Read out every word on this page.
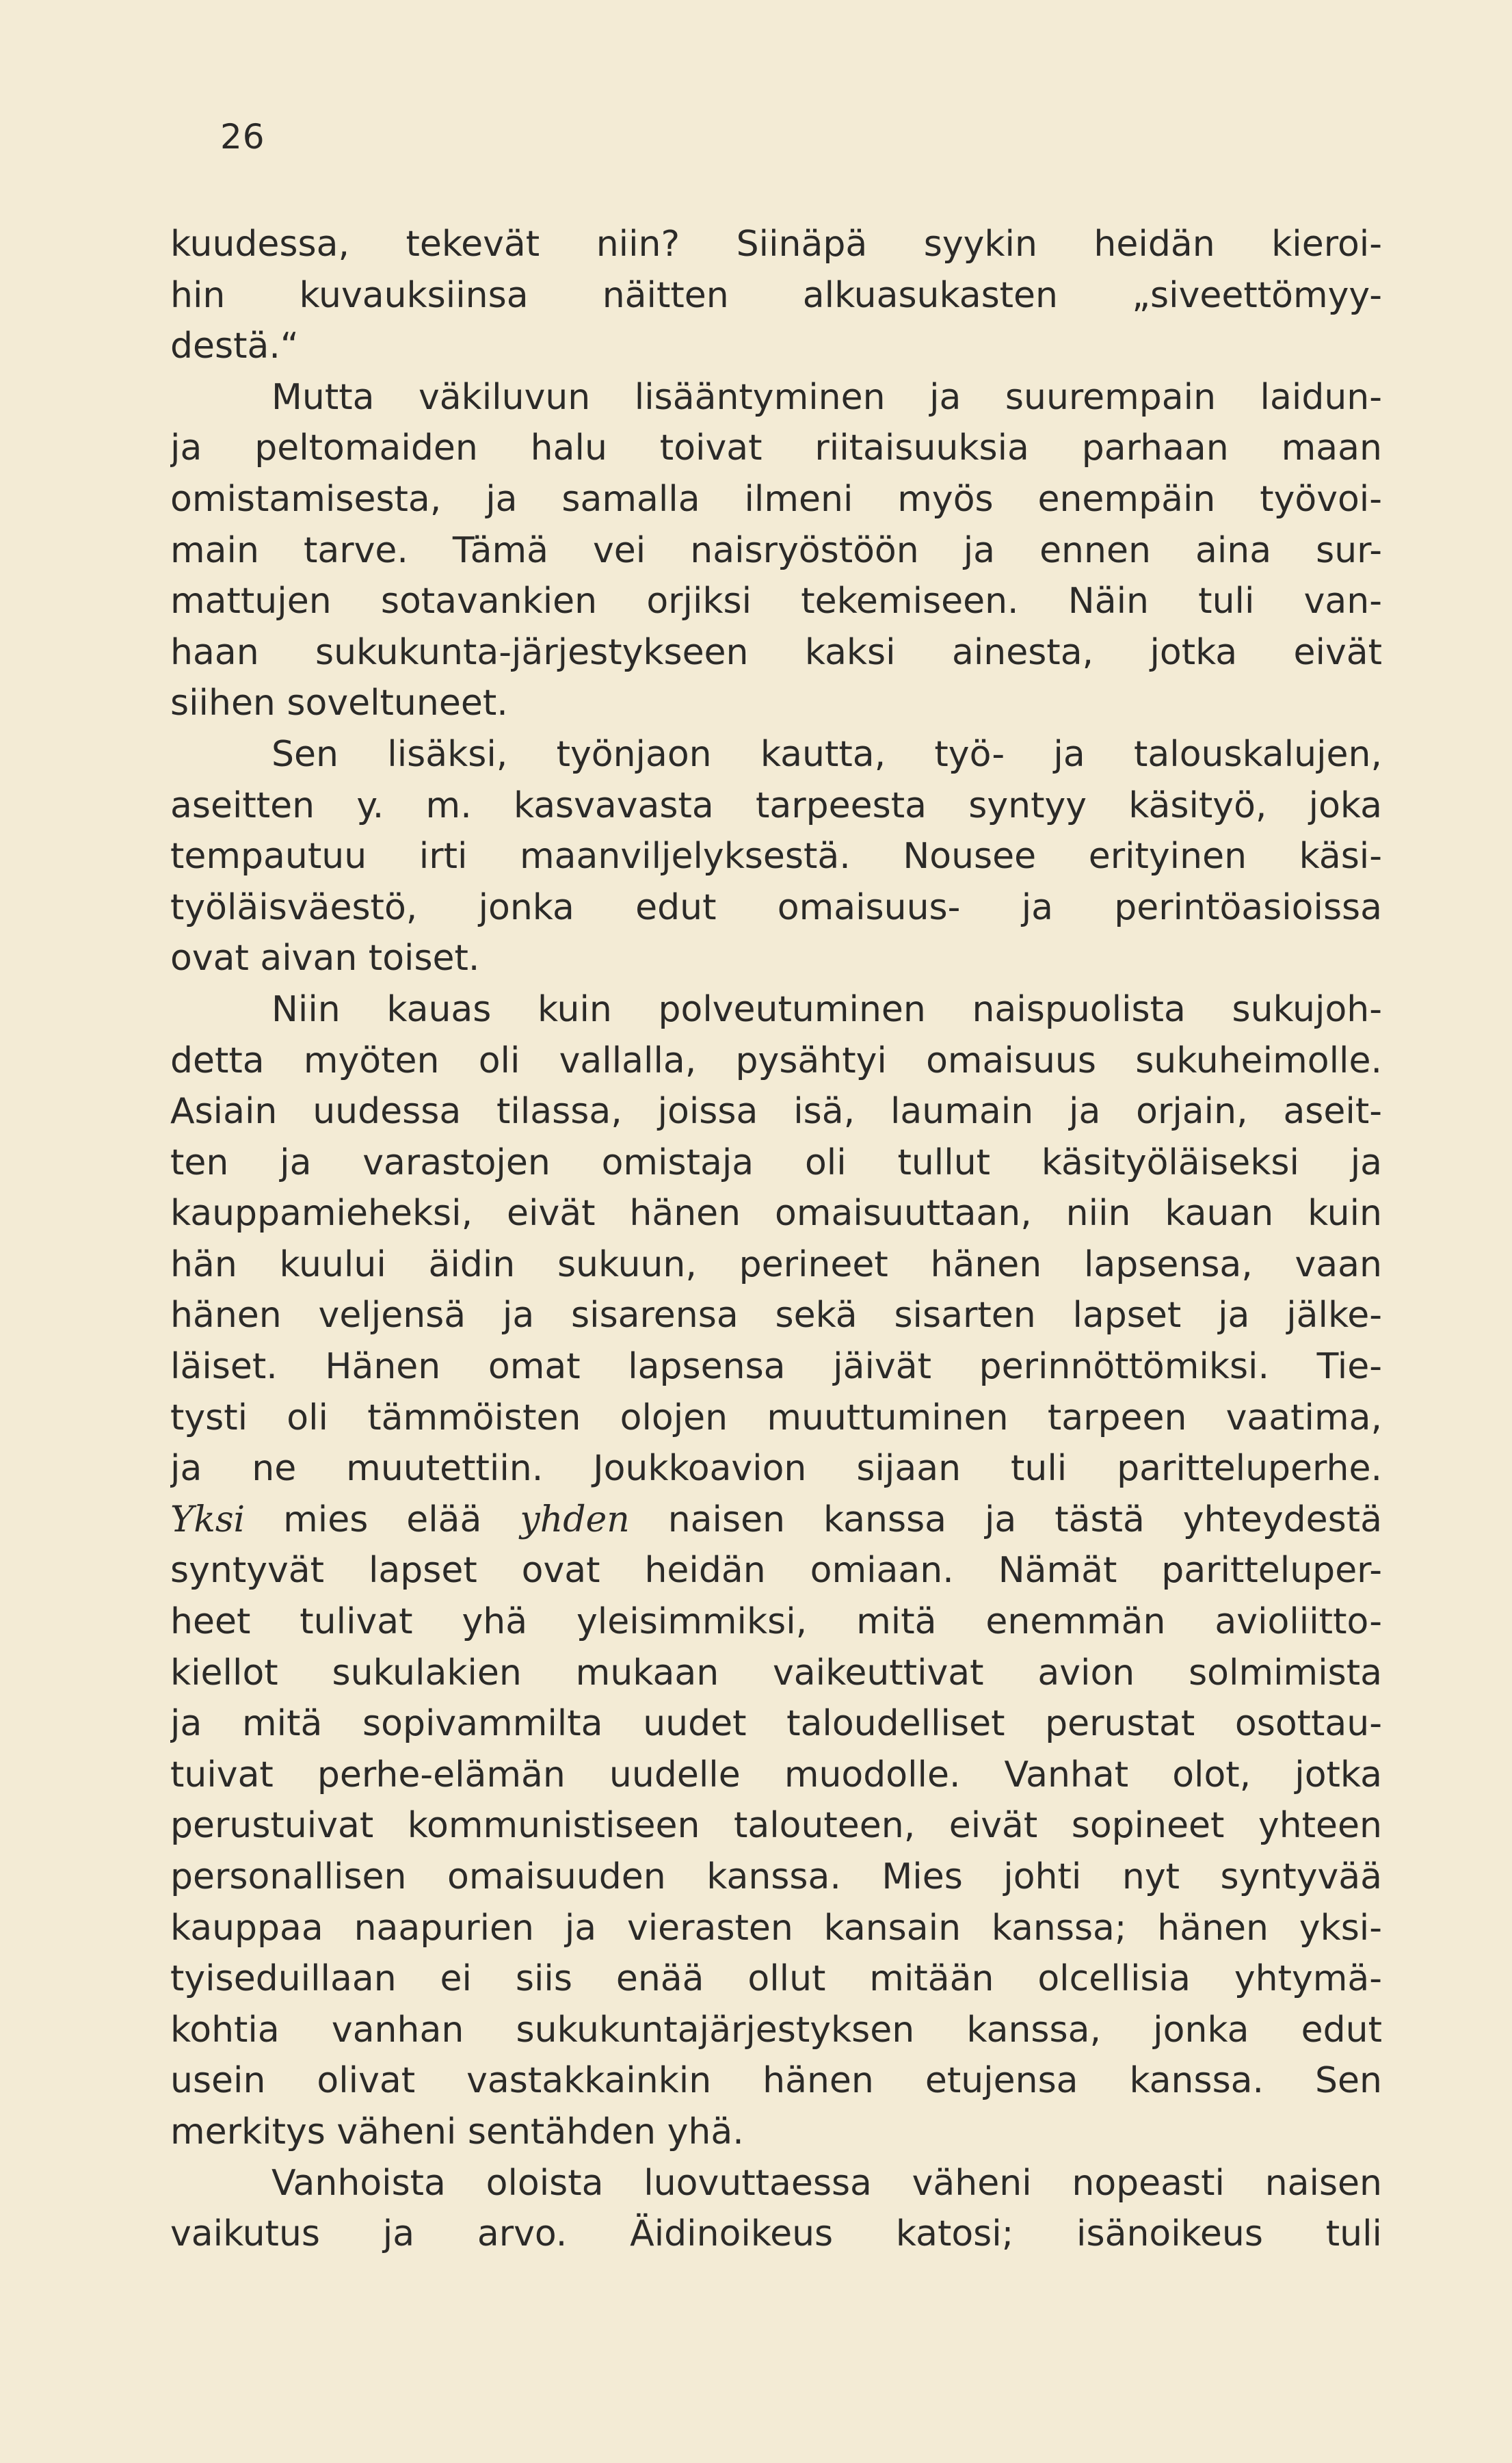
26
kuudessa, tekevät niin? Siinäpä syykin heidän kieroi-
hin kuvauksiinsa näitten alkuasukasten „siveettömyy-
destä.“
Mutta väkiluvun lisääntyminen ja suurempain laidun-
ja peltomaiden halu toivat riitaisuuksia parhaan maan
omistamisesta, ja samalla ilmeni myös enempäin työvoi-
main tarve. Tämä vei naisryöstöön ja ennen aina sur-
mattujen sotavankien orjiksi tekemiseen. Näin tuli van-
haan sukukunta-järjestykseen kaksi ainesta, jotka eivät
siihen soveltuneet.
Sen lisäksi, työnjaon kautta, työ- ja talouskalujen,
aseitten y. m. kasvavasta tarpeesta syntyy käsityö, joka
tempautuu irti maanviljelyksestä. Nousee erityinen käsi-
työläisväestö, jonka edut omaisuus- ja perintöasioissa
ovat aivan toiset.
Niin kauas kuin polveutuminen naispuolista sukujoh-
detta myöten oli vallalla, pysähtyi omaisuus sukuheimolle.
Asiain uudessa tilassa, joissa isä, laumain ja orjain, aseit-
ten ja varastojen omistaja oli tullut käsityöläiseksi ja
kauppamieheksi, eivät hänen omaisuuttaan, niin kauan kuin
hän kuului äidin sukuun, perineet hänen lapsensa, vaan
hänen veljensä ja sisarensa sekä sisarten lapset ja jälke-
läiset. Hänen omat lapsensa jäivät perinnöttömiksi. Tie-
tysti oli tämmöisten olojen muuttuminen tarpeen vaatima,
ja ne muutettiin. Joukkoavion sijaan tuli paritteluperhe.
Yksi mies elää yhden naisen kanssa ja tästä yhteydestä
syntyvät lapset ovat heidän omiaan. Nämät paritteluper-
heet tulivat yhä yleisimmiksi, mitä enemmän avioliitto-
kiellot sukulakien mukaan vaikeuttivat avion solmimista
ja mitä sopivammilta uudet taloudelliset perustat osottau-
tuivat perhe-elämän uudelle muodolle. Vanhat olot, jotka
perustuivat kommunistiseen talouteen, eivät sopineet yhteen
personallisen omaisuuden kanssa. Mies johti nyt syntyvää
kauppaa naapurien ja vierasten kansain kanssa; hänen yksi-
tyiseduillaan ei siis enää ollut mitään olcellisia yhtymä-
kohtia vanhan sukukuntajärjestyksen kanssa, jonka edut
usein olivat vastakkainkin hänen etujensa kanssa. Sen
merkitys väheni sentähden yhä.
Vanhoista oloista luovuttaessa väheni nopeasti naisen
vaikutus ja arvo. Äidinoikeus katosi; isänoikeus tuli
